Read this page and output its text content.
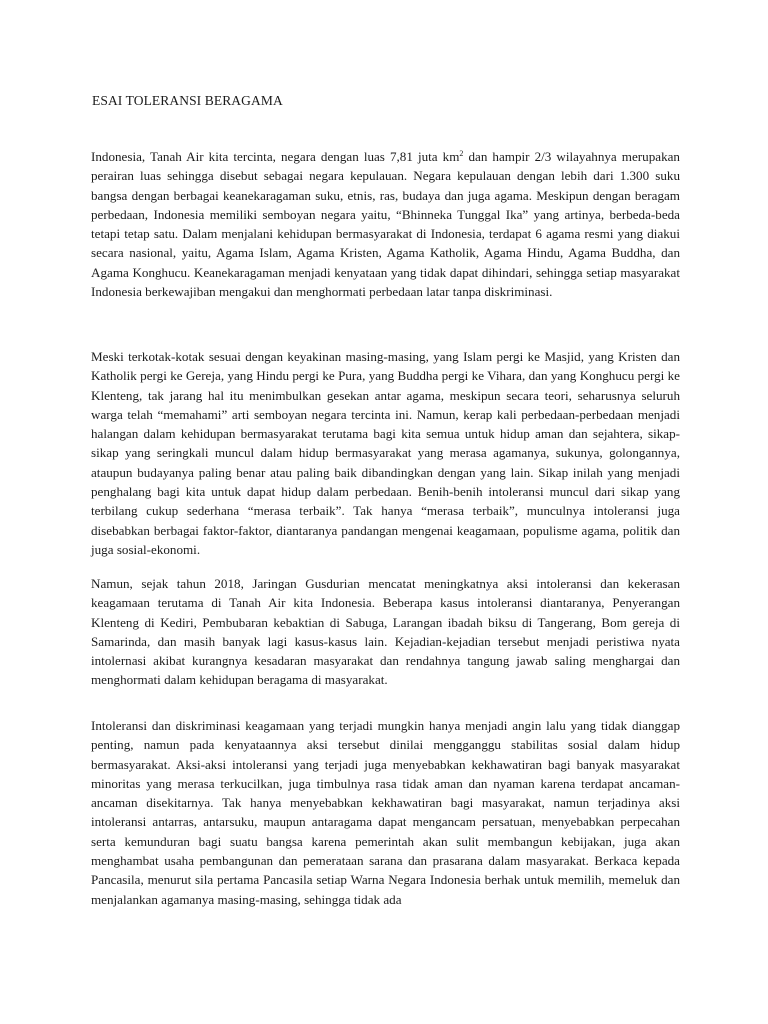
ESAI TOLERANSI BERAGAMA

Indonesia, Tanah Air kita tercinta, negara dengan luas 7,81 juta $km^2$ dan hampir 2/3 wilayahnya merupakan perairan luas sehingga disebut sebagai negara kepulauan. Negara kepulauan dengan lebih dari 1.300 suku bangsa dengan berbagai keanekaragaman suku, etnis, ras, budaya dan juga agama. Meskipun dengan beragam perbedaan, Indonesia memiliki semboyan negara yaitu, “Bhinneka Tunggal Ika” yang artinya, berbeda-beda tetapi tetap satu. Dalam menjalani kehidupan bermasyarakat di Indonesia, terdapat 6 agama resmi yang diakui secara nasional, yaitu, Agama Islam, Agama Kristen, Agama Katholik, Agama Hindu, Agama Buddha, dan Agama Konghucu. Keanekaragaman menjadi kenyataan yang tidak dapat dihindari, sehingga setiap masyarakat Indonesia berkewajiban mengakui dan menghormati perbedaan latar tanpa diskriminasi.

Meski terkotak-kotak sesuai dengan keyakinan masing-masing, yang Islam pergi ke Masjid, yang Kristen dan Katholik pergi ke Gereja, yang Hindu pergi ke Pura, yang Buddha pergi ke Vihara, dan yang Konghucu pergi ke Klenteng, tak jarang hal itu menimbulkan gesekan antar agama, meskipun secara teori, seharusnya seluruh warga telah “memahami” arti semboyan negara tercinta ini. Namun, kerap kali perbedaan-perbedaan menjadi halangan dalam kehidupan bermasyarakat terutama bagi kita semua untuk hidup aman dan sejahtera, sikap-sikap yang seringkali muncul dalam hidup bermasyarakat yang merasa agamanya, sukunya, golongannya, ataupun budayanya paling benar atau paling baik dibandingkan dengan yang lain. Sikap inilah yang menjadi penghalang bagi kita untuk dapat hidup dalam perbedaan. Benih-benih intoleransi muncul dari sikap yang terbilang cukup sederhana “merasa terbaik”. Tak hanya “merasa terbaik”, munculnya intoleransi juga disebabkan berbagai faktor-faktor, diantaranya pandangan mengenai keagamaan, populisme agama, politik dan juga sosial-ekonomi.

Namun, sejak tahun 2018, Jaringan Gusdurian mencatat meningkatnya aksi intoleransi dan kekerasan keagamaan terutama di Tanah Air kita Indonesia. Beberapa kasus intoleransi diantaranya, Penyerangan Klenteng di Kediri, Pembubaran kebaktian di Sabuga, Larangan ibadah biksu di Tangerang, Bom gereja di Samarinda, dan masih banyak lagi kasus-kasus lain. Kejadian-kejadian tersebut menjadi peristiwa nyata intolernasi akibat kurangnya kesadaran masyarakat dan rendahnya tangung jawab saling menghargai dan menghormati dalam kehidupan beragama di masyarakat.

Intoleransi dan diskriminasi keagamaan yang terjadi mungkin hanya menjadi angin lalu yang tidak dianggap penting, namun pada kenyataannya aksi tersebut dinilai mengganggu stabilitas sosial dalam hidup bermasyarakat. Aksi-aksi intoleransi yang terjadi juga menyebabkan kekhawatiran bagi banyak masyarakat minoritas yang merasa terkucilkan, juga timbulnya rasa tidak aman dan nyaman karena terdapat ancaman-ancaman disekitarnya. Tak hanya menyebabkan kekhawatiran bagi masyarakat, namun terjadinya aksi intoleransi antarras, antarsuku, maupun antaragama dapat mengancam persatuan, menyebabkan perpecahan serta kemunduran bagi suatu bangsa karena pemerintah akan sulit membangun kebijakan, juga akan menghambat usaha pembangunan dan pemerataan sarana dan prasarana dalam masyarakat. Berkaca kepada Pancasila, menurut sila pertama Pancasila setiap Warna Negara Indonesia berhak untuk memilih, memeluk dan menjalankan agamanya masing-masing, sehingga tidak ada
